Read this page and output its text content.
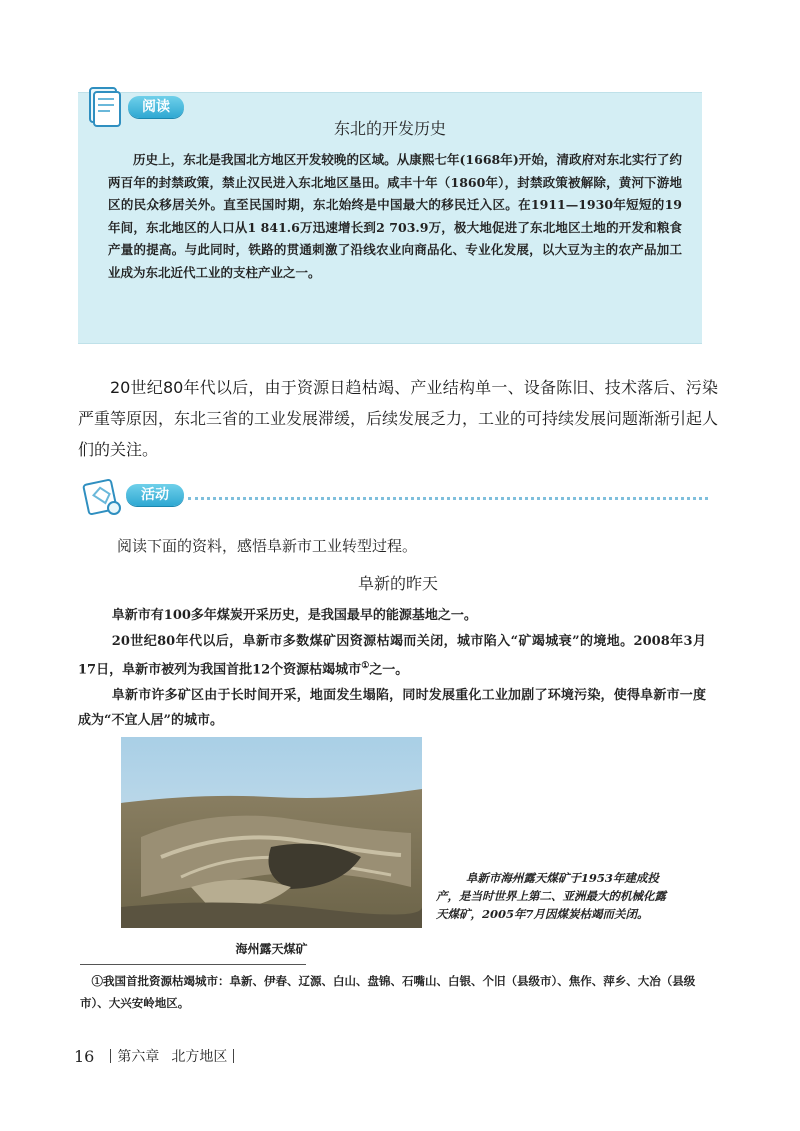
阅读
东北的开发历史

历史上，东北是我国北方地区开发较晚的区域。从康熙七年(1668年)开始，清政府对东北实行了约两百年的封禁政策，禁止汉民进入东北地区垦田。咸丰十年（1860年），封禁政策被解除，黄河下游地区的民众移居关外。直至民国时期，东北始终是中国最大的移民迁入区。在1911—1930年短短的19年间，东北地区的人口从1 841.6万迅速增长到2 703.9万，极大地促进了东北地区土地的开发和粮食产量的提高。与此同时，铁路的贯通刺激了沿线农业向商品化、专业化发展，以大豆为主的农产品加工业成为东北近代工业的支柱产业之一。

20世纪80年代以后，由于资源日趋枯竭、产业结构单一、设备陈旧、技术落后、污染严重等原因，东北三省的工业发展滞缓，后续发展乏力，工业的可持续发展问题渐渐引起人们的关注。

活动
阅读下面的资料，感悟阜新市工业转型过程。
阜新的昨天

阜新市有100多年煤炭开采历史，是我国最早的能源基地之一。

20世纪80年代以后，阜新市多数煤矿因资源枯竭而关闭，城市陷入“矿竭城衰”的境地。2008年3月17日，阜新市被列为我国首批12个资源枯竭城市①之一。

阜新市许多矿区由于长时间开采，地面发生塌陷，同时发展重化工业加剧了环境污染，使得阜新市一度成为“不宜人居”的城市。

海州露天煤矿

阜新市海州露天煤矿于1953年建成投产，是当时世界上第二、亚洲最大的机械化露天煤矿，2005年7月因煤炭枯竭而关闭。

①我国首批资源枯竭城市：阜新、伊春、辽源、白山、盘锦、石嘴山、白银、个旧（县级市）、焦作、萍乡、大冶（县级市）、大兴安岭地区。

16 第六章 北方地区
